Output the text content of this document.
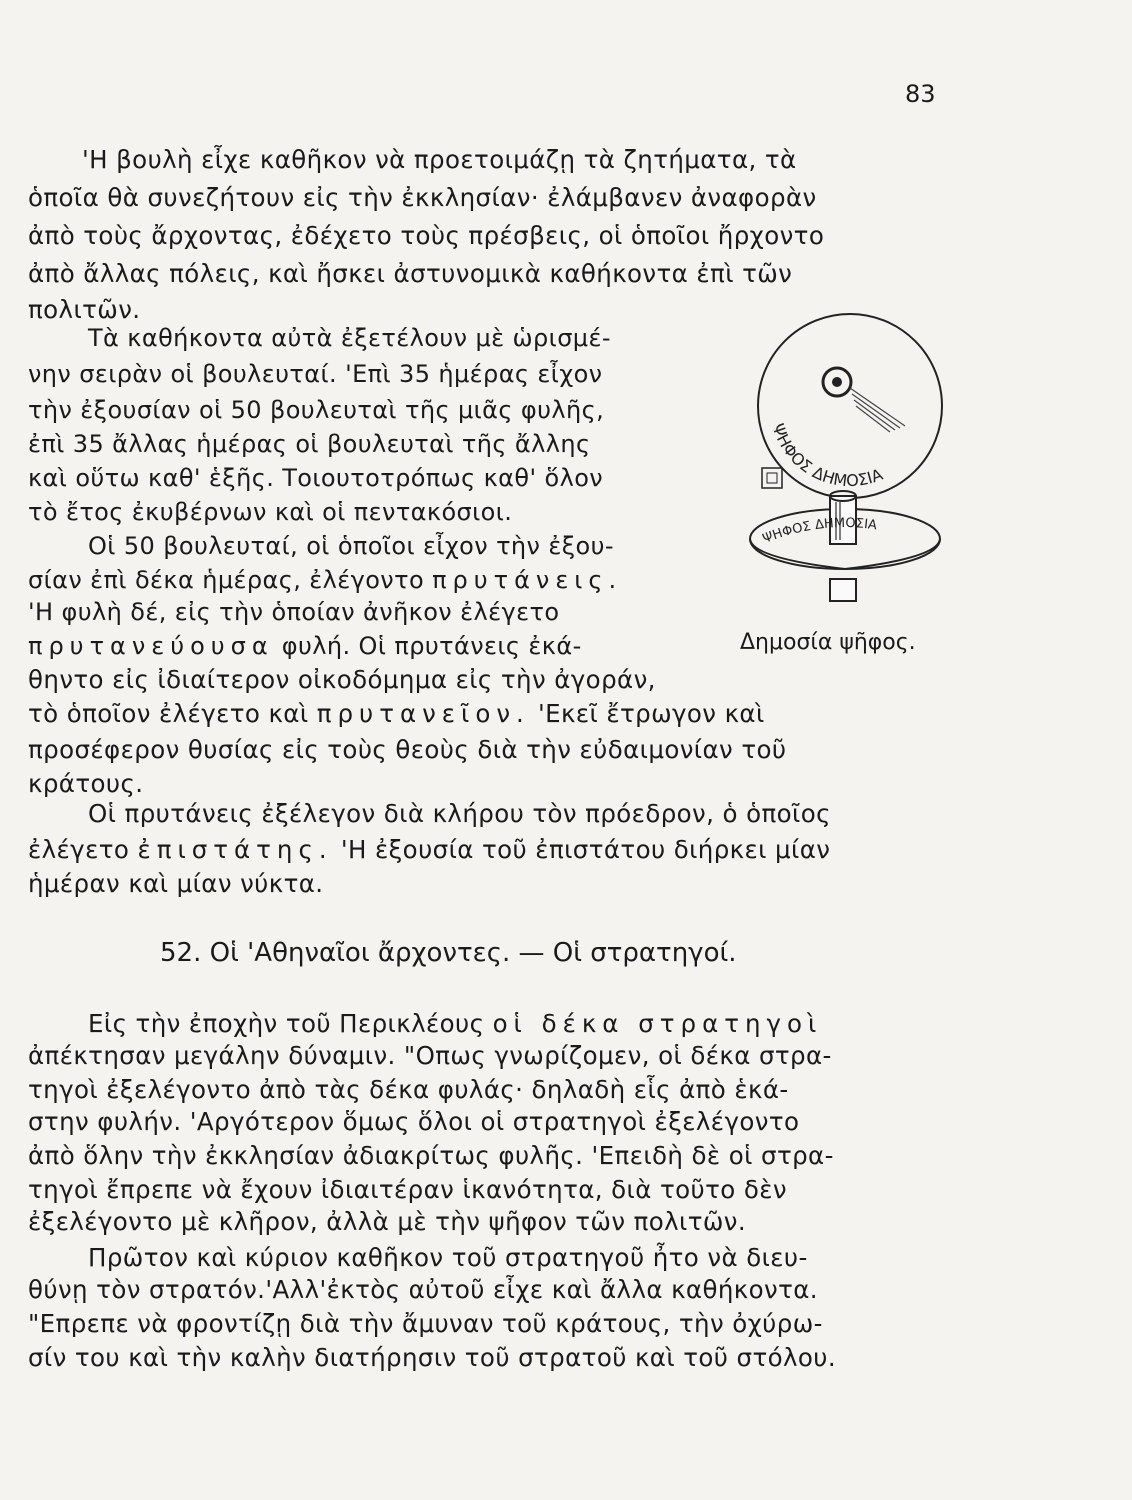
83
'Η βουλὴ εἶχε καθῆκον νὰ προετοιμάζῃ τὰ ζητήματα, τὰ
ὁποῖα θὰ συνεζήτουν εἰς τὴν ἐκκλησίαν· ἐλάμβανεν ἀναφορὰν
ἀπὸ τοὺς ἄρχοντας, ἐδέχετο τοὺς πρέσβεις, οἱ ὁποῖοι ἤρχοντο
ἀπὸ ἄλλας πόλεις, καὶ ἤσκει ἀστυνομικὰ καθήκοντα ἐπὶ τῶν
πολιτῶν.
Τὰ καθήκοντα αὐτὰ ἐξετέλουν μὲ ὡρισμέ-
νην σειρὰν οἱ βουλευταί. 'Επὶ 35 ἡμέρας εἶχον
τὴν ἐξουσίαν οἱ 50 βουλευταὶ τῆς μιᾶς φυλῆς,
ἐπὶ 35 ἄλλας ἡμέρας οἱ βουλευταὶ τῆς ἄλλης
καὶ οὕτω καθ' ἑξῆς. Τοιουτοτρόπως καθ' ὅλον
τὸ ἔτος ἐκυβέρνων καὶ οἱ πεντακόσιοι.
Οἱ 50 βουλευταί, οἱ ὁποῖοι εἶχον τὴν ἐξου-
σίαν ἐπὶ δέκα ἡμέρας, ἐλέγοντο πρυτάνεις.
'Η φυλὴ δέ, εἰς τὴν ὁποίαν ἀνῆκον ἐλέγετο
πρυτανεύουσα φυλή. Οἱ πρυτάνεις ἐκά-
θηντο εἰς ἰδιαίτερον οἰκοδόμημα εἰς τὴν ἀγοράν,
τὸ ὁποῖον ἐλέγετο καὶ πρυτανεῖον. 'Εκεῖ ἔτρωγον καὶ
προσέφερον θυσίας εἰς τοὺς θεοὺς διὰ τὴν εὐδαιμονίαν τοῦ
κράτους.
Οἱ πρυτάνεις ἐξέλεγον διὰ κλήρου τὸν πρόεδρον, ὁ ὁποῖος
ἐλέγετο ἐπιστάτης. 'Η ἐξουσία τοῦ ἐπιστάτου διήρκει μίαν
ἡμέραν καὶ μίαν νύκτα.
ΨΗΦΟΣ ΔΗΜΟΣΙΑ
ΨΗΦΟΣ ΔΗΜΟΣΙΑ
Δημοσία ψῆφος.
52. Οἱ 'Αθηναῖοι ἄρχοντες. — Οἱ στρατηγοί.
Εἰς τὴν ἐποχὴν τοῦ Περικλέους οἱ δέκα στρατηγοὶ
ἀπέκτησαν μεγάλην δύναμιν. "Οπως γνωρίζομεν, οἱ δέκα στρα-
τηγοὶ ἐξελέγοντο ἀπὸ τὰς δέκα φυλάς· δηλαδὴ εἷς ἀπὸ ἑκά-
στην φυλήν. 'Αργότερον ὅμως ὅλοι οἱ στρατηγοὶ ἐξελέγοντο
ἀπὸ ὅλην τὴν ἐκκλησίαν ἀδιακρίτως φυλῆς. 'Επειδὴ δὲ οἱ στρα-
τηγοὶ ἔπρεπε νὰ ἔχουν ἰδιαιτέραν ἱκανότητα, διὰ τοῦτο δὲν
ἐξελέγοντο μὲ κλῆρον, ἀλλὰ μὲ τὴν ψῆφον τῶν πολιτῶν.
Πρῶτον καὶ κύριον καθῆκον τοῦ στρατηγοῦ ἦτο νὰ διευ-
θύνῃ τὸν στρατόν.'Αλλ'ἐκτὸς αὐτοῦ εἶχε καὶ ἄλλα καθήκοντα.
"Επρεπε νὰ φροντίζῃ διὰ τὴν ἄμυναν τοῦ κράτους, τὴν ὀχύρω-
σίν του καὶ τὴν καλὴν διατήρησιν τοῦ στρατοῦ καὶ τοῦ στόλου.
